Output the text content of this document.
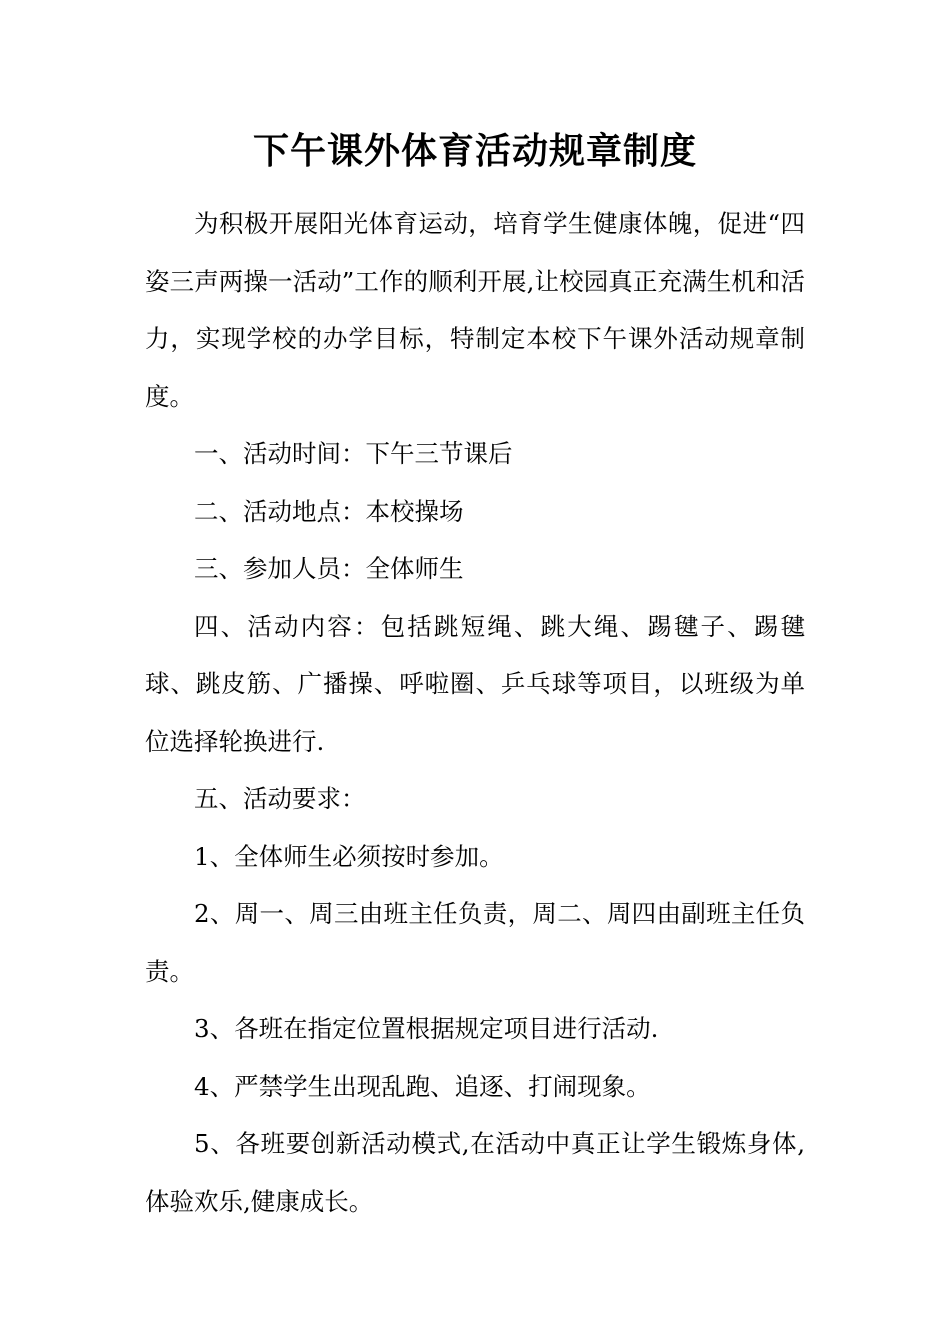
下午课外体育活动规章制度

为积极开展阳光体育运动，培育学生健康体魄，促进“四姿三声两操一活动”工作的顺利开展,让校园真正充满生机和活力，实现学校的办学目标，特制定本校下午课外活动规章制度。

一、活动时间：下午三节课后

二、活动地点：本校操场

三、参加人员：全体师生

四、活动内容：包括跳短绳、跳大绳、踢毽子、踢毽球、跳皮筋、广播操、呼啦圈、乒乓球等项目，以班级为单位选择轮换进行.

五、活动要求：

1、全体师生必须按时参加。

2、周一、周三由班主任负责，周二、周四由副班主任负责。

3、各班在指定位置根据规定项目进行活动.

4、严禁学生出现乱跑、追逐、打闹现象。

5、各班要创新活动模式,在活动中真正让学生锻炼身体,体验欢乐,健康成长。
